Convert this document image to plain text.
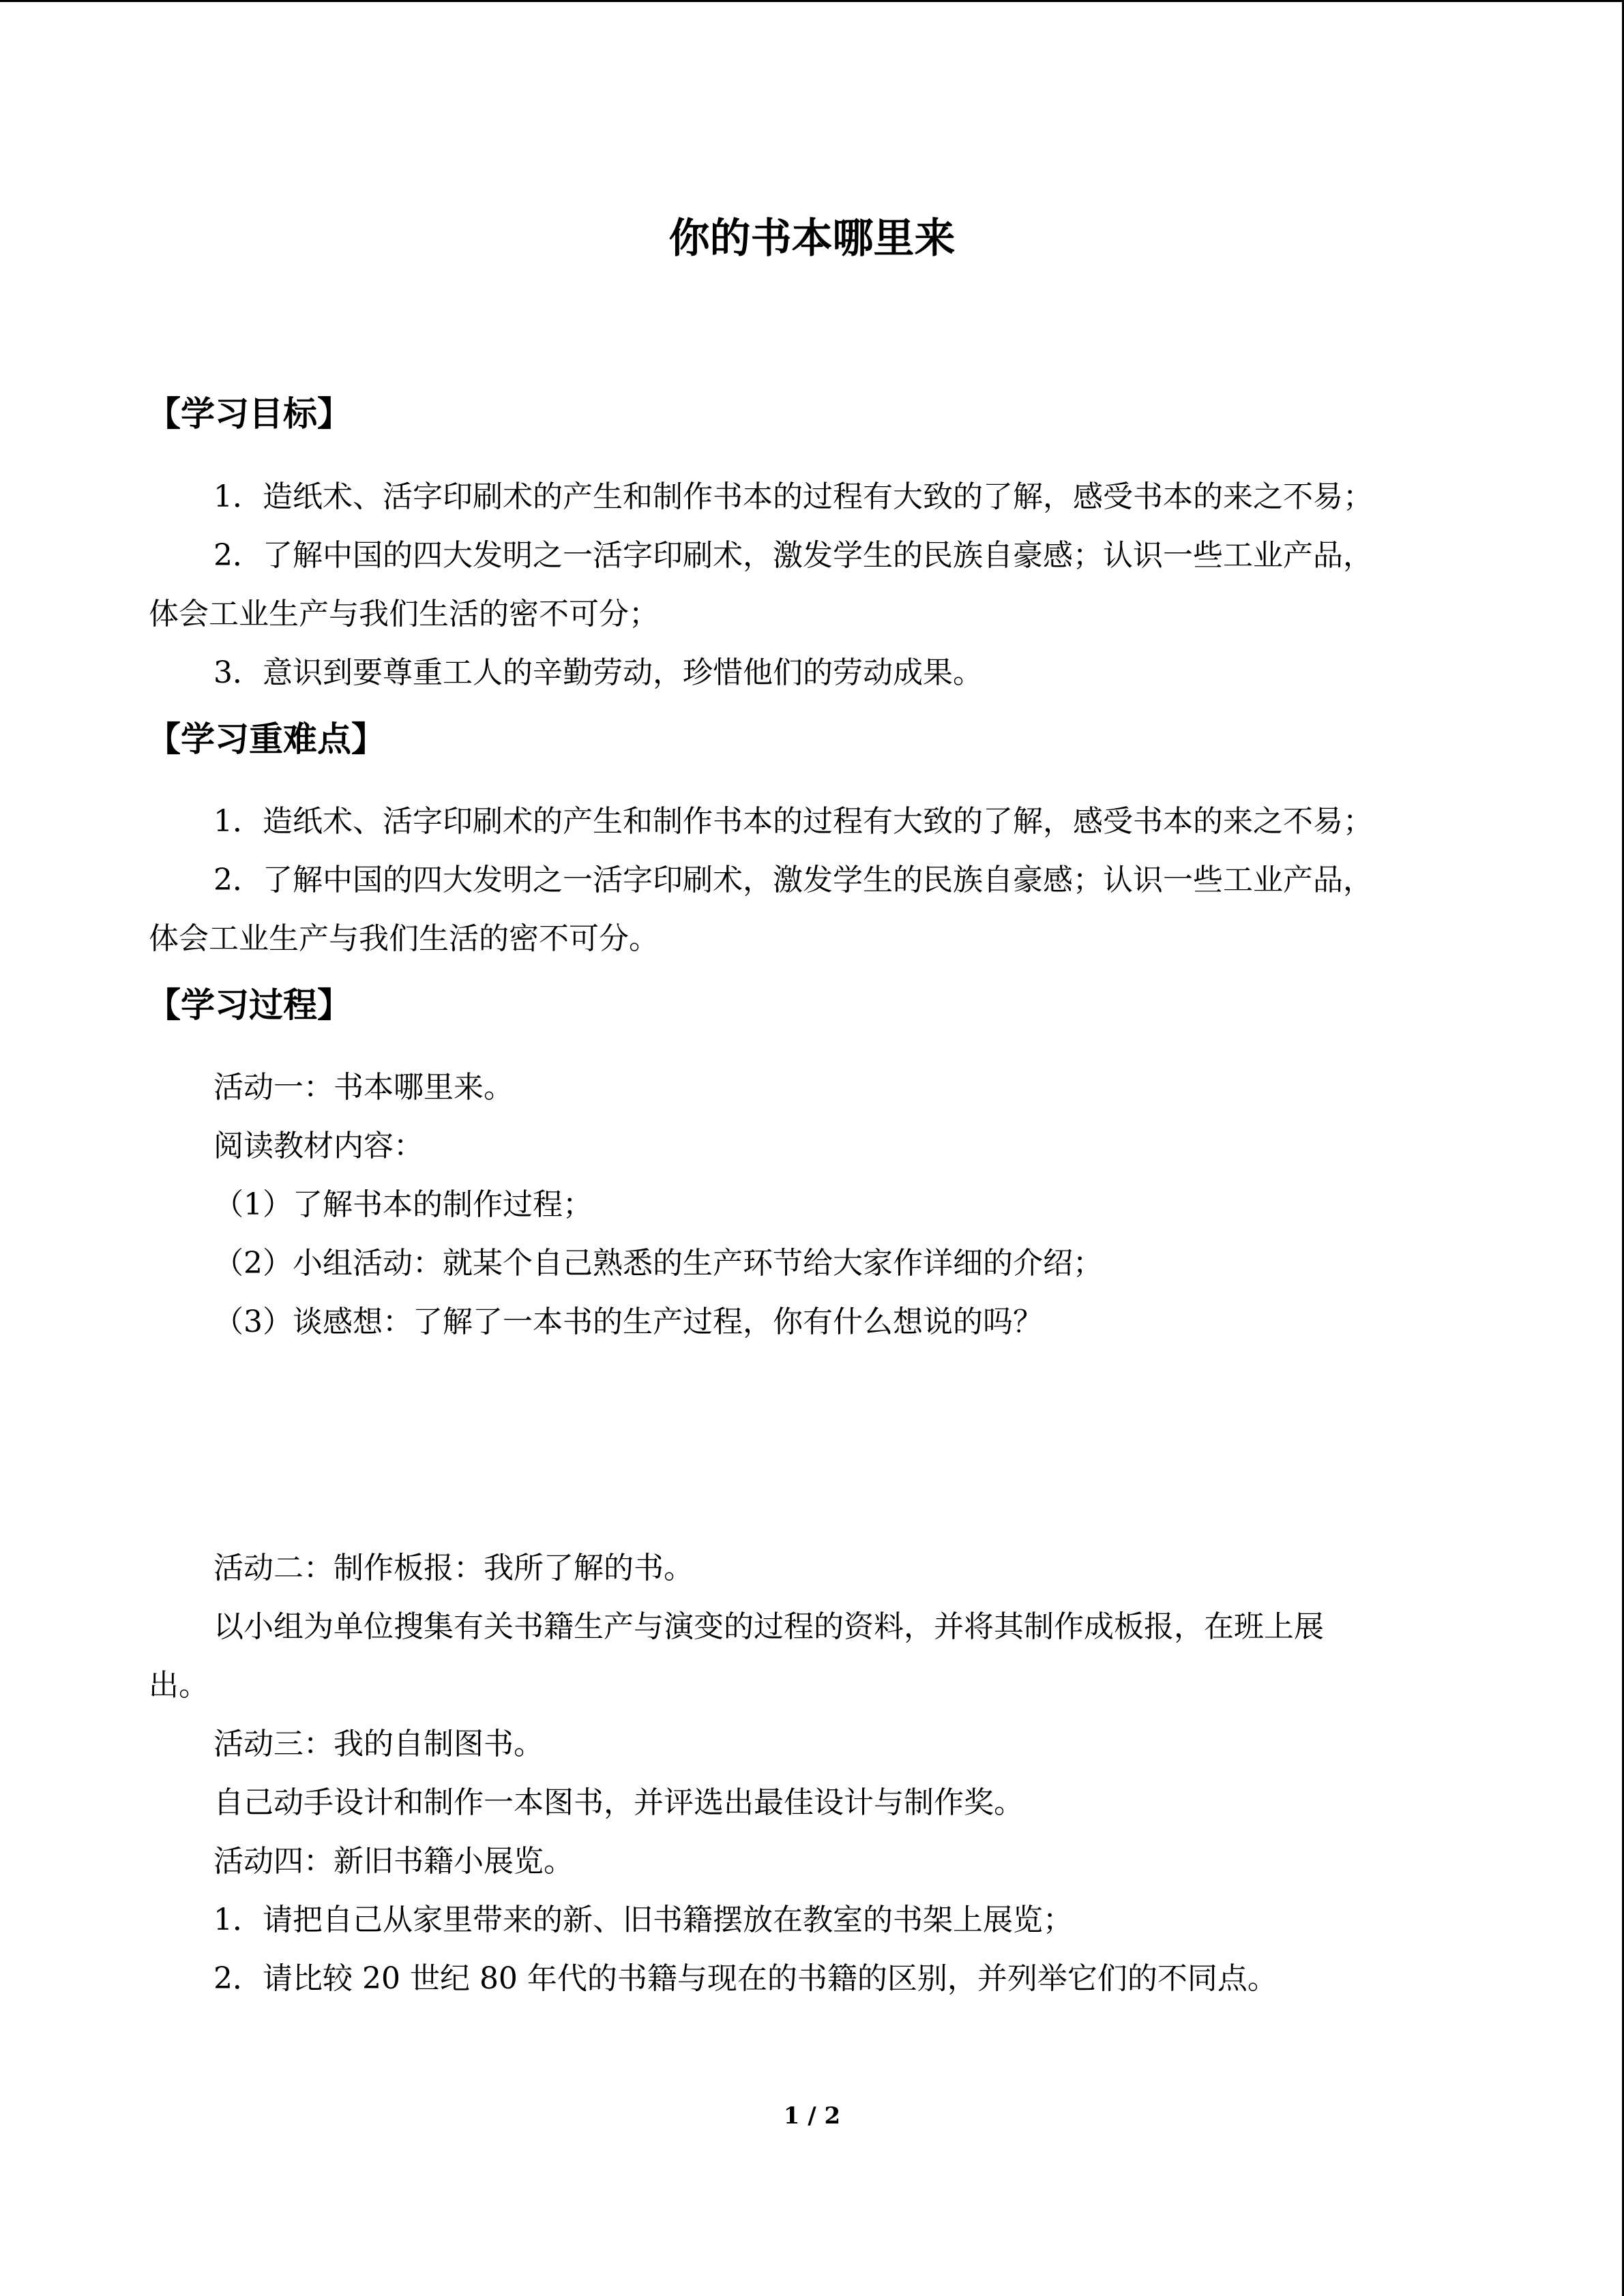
你的书本哪里来
【学习目标】
1．造纸术、活字印刷术的产生和制作书本的过程有大致的了解，感受书本的来之不易；
2．了解中国的四大发明之一活字印刷术，激发学生的民族自豪感；认识一些工业产品，
体会工业生产与我们生活的密不可分；
3．意识到要尊重工人的辛勤劳动，珍惜他们的劳动成果。
【学习重难点】
1．造纸术、活字印刷术的产生和制作书本的过程有大致的了解，感受书本的来之不易；
2．了解中国的四大发明之一活字印刷术，激发学生的民族自豪感；认识一些工业产品，
体会工业生产与我们生活的密不可分。
【学习过程】
活动一：书本哪里来。
阅读教材内容：
（1）了解书本的制作过程；
（2）小组活动：就某个自己熟悉的生产环节给大家作详细的介绍；
（3）谈感想：了解了一本书的生产过程，你有什么想说的吗？
活动二：制作板报：我所了解的书。
以小组为单位搜集有关书籍生产与演变的过程的资料，并将其制作成板报，在班上展
出。
活动三：我的自制图书。
自己动手设计和制作一本图书，并评选出最佳设计与制作奖。
活动四：新旧书籍小展览。
1．请把自己从家里带来的新、旧书籍摆放在教室的书架上展览；
2．请比较 20 世纪 80 年代的书籍与现在的书籍的区别，并列举它们的不同点。
1 / 2
